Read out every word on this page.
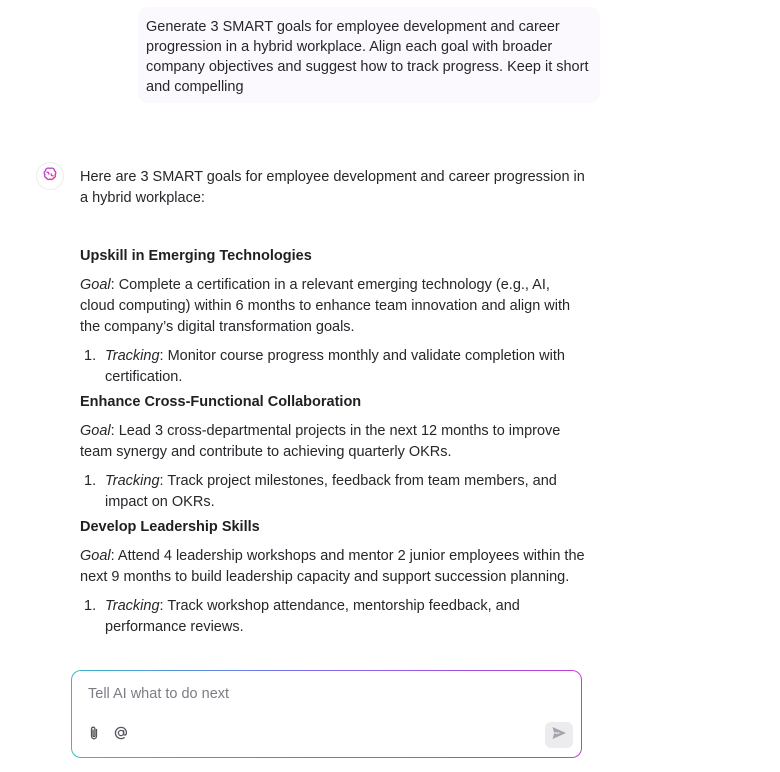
Generate 3 SMART goals for employee development and career progression in a hybrid workplace. Align each goal with broader company objectives and suggest how to track progress. Keep it short and compelling

Here are 3 SMART goals for employee development and career progression in a hybrid workplace:

Upskill in Emerging Technologies

Goal: Complete a certification in a relevant emerging technology (e.g., AI, cloud computing) within 6 months to enhance team innovation and align with the company’s digital transformation goals.

1. Tracking: Monitor course progress monthly and validate completion with certification.

Enhance Cross-Functional Collaboration

Goal: Lead 3 cross-departmental projects in the next 12 months to improve team synergy and contribute to achieving quarterly OKRs.

1. Tracking: Track project milestones, feedback from team members, and impact on OKRs.

Develop Leadership Skills

Goal: Attend 4 leadership workshops and mentor 2 junior employees within the next 9 months to build leadership capacity and support succession planning.

1. Tracking: Track workshop attendance, mentorship feedback, and performance reviews.
Tell AI what to do next
